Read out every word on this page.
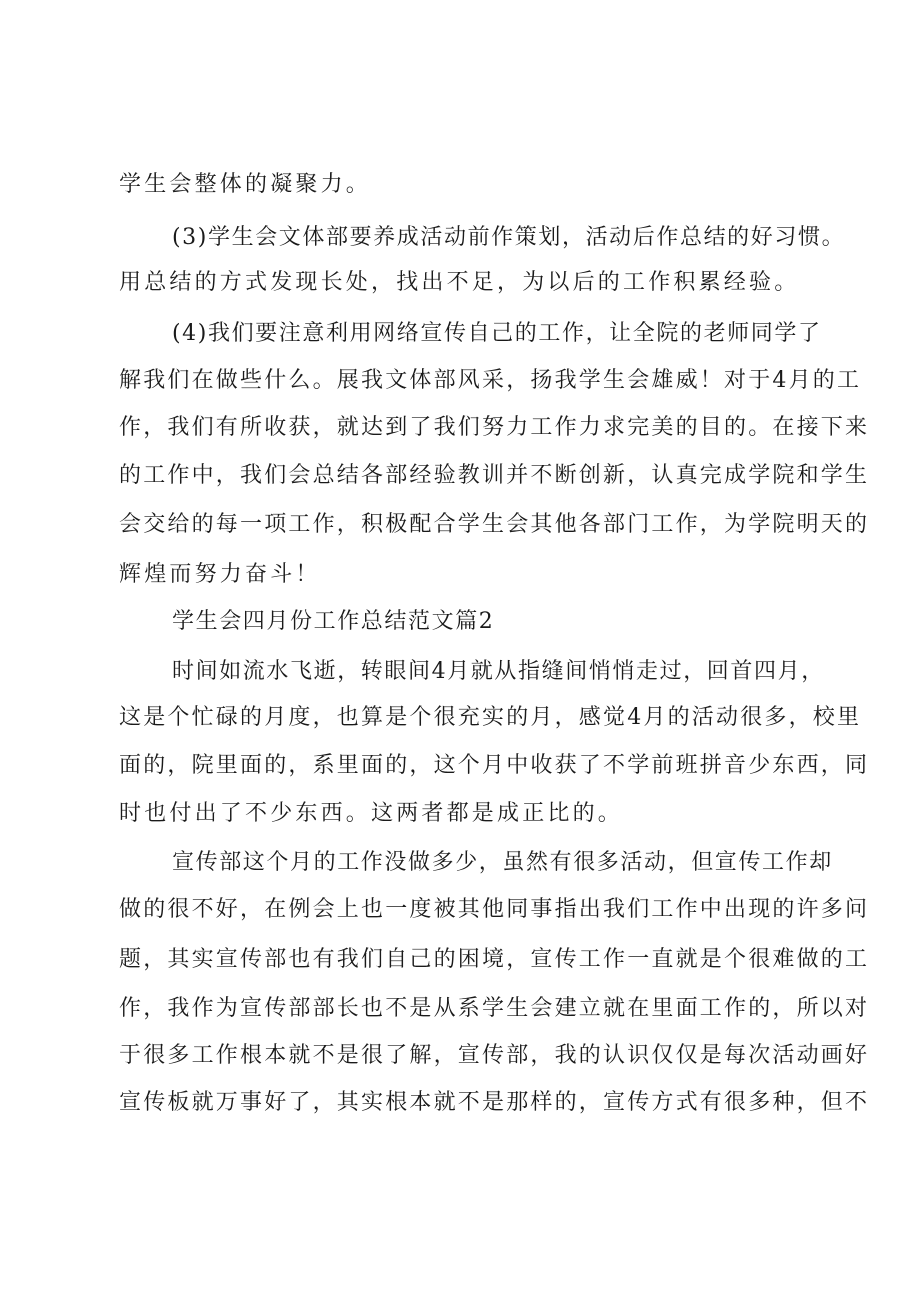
学生会整体的凝聚力。
(3)学生会文体部要养成活动前作策划，活动后作总结的好习惯。
用总结的方式发现长处，找出不足，为以后的工作积累经验。
(4)我们要注意利用网络宣传自己的工作，让全院的老师同学了
解我们在做些什么。展我文体部风采，扬我学生会雄威！对于4月的工
作，我们有所收获，就达到了我们努力工作力求完美的目的。在接下来
的工作中，我们会总结各部经验教训并不断创新，认真完成学院和学生
会交给的每一项工作，积极配合学生会其他各部门工作，为学院明天的
辉煌而努力奋斗！
学生会四月份工作总结范文篇2
时间如流水飞逝，转眼间4月就从指缝间悄悄走过，回首四月，
这是个忙碌的月度，也算是个很充实的月，感觉4月的活动很多，校里
面的，院里面的，系里面的，这个月中收获了不学前班拼音少东西，同
时也付出了不少东西。这两者都是成正比的。
宣传部这个月的工作没做多少，虽然有很多活动，但宣传工作却
做的很不好，在例会上也一度被其他同事指出我们工作中出现的许多问
题，其实宣传部也有我们自己的困境，宣传工作一直就是个很难做的工
作，我作为宣传部部长也不是从系学生会建立就在里面工作的，所以对
于很多工作根本就不是很了解，宣传部，我的认识仅仅是每次活动画好
宣传板就万事好了，其实根本就不是那样的，宣传方式有很多种，但不
